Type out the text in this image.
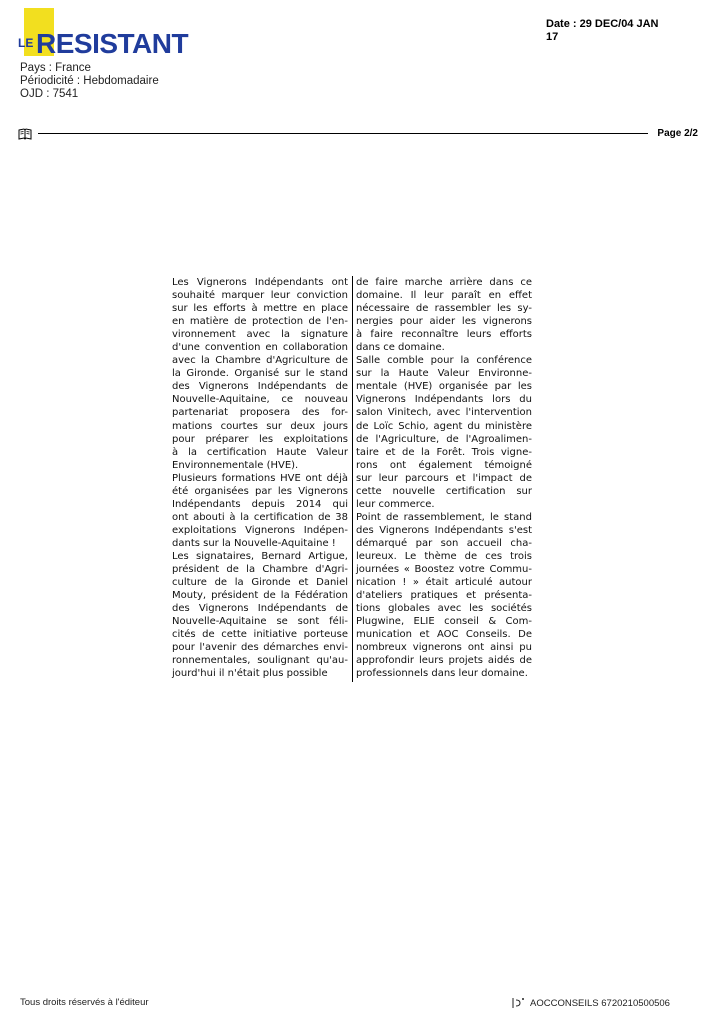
LE RESISTANT
Pays : France
Périodicité : Hebdomadaire
OJD : 7541
Date : 29 DEC/04 JAN
17
Page 2/2
Les Vignerons Indépendants ont
souhaité marquer leur conviction
sur les efforts à mettre en place
en matière de protection de l'en-
vironnement avec la signature
d'une convention en collaboration
avec la Chambre d'Agriculture de
la Gironde. Organisé sur le stand
des Vignerons Indépendants de
Nouvelle-Aquitaine, ce nouveau
partenariat proposera des for-
mations courtes sur deux jours
pour préparer les exploitations
à la certification Haute Valeur
Environnementale (HVE).
Plusieurs formations HVE ont déjà
été organisées par les Vignerons
Indépendants depuis 2014 qui
ont abouti à la certification de 38
exploitations Vignerons Indépen-
dants sur la Nouvelle-Aquitaine !
Les signataires, Bernard Artigue,
président de la Chambre d'Agri-
culture de la Gironde et Daniel
Mouty, président de la Fédération
des Vignerons Indépendants de
Nouvelle-Aquitaine se sont féli-
cités de cette initiative porteuse
pour l'avenir des démarches envi-
ronnementales, soulignant qu'au-
jourd'hui il n'était plus possible
de faire marche arrière dans ce
domaine. Il leur paraît en effet
nécessaire de rassembler les sy-
nergies pour aider les vignerons
à faire reconnaître leurs efforts
dans ce domaine.
Salle comble pour la conférence
sur la Haute Valeur Environne-
mentale (HVE) organisée par les
Vignerons Indépendants lors du
salon Vinitech, avec l'intervention
de Loïc Schio, agent du ministère
de l'Agriculture, de l'Agroalimen-
taire et de la Forêt. Trois vigne-
rons ont également témoigné
sur leur parcours et l'impact de
cette nouvelle certification sur
leur commerce.
Point de rassemblement, le stand
des Vignerons Indépendants s'est
démarqué par son accueil cha-
leureux. Le thème de ces trois
journées « Boostez votre Commu-
nication ! » était articulé autour
d'ateliers pratiques et présenta-
tions globales avec les sociétés
Plugwine, ELIE conseil & Com-
munication et AOC Conseils. De
nombreux vignerons ont ainsi pu
approfondir leurs projets aidés de
professionnels dans leur domaine.
Tous droits réservés à l'éditeur	AOCCONSEILS 6720210500506
